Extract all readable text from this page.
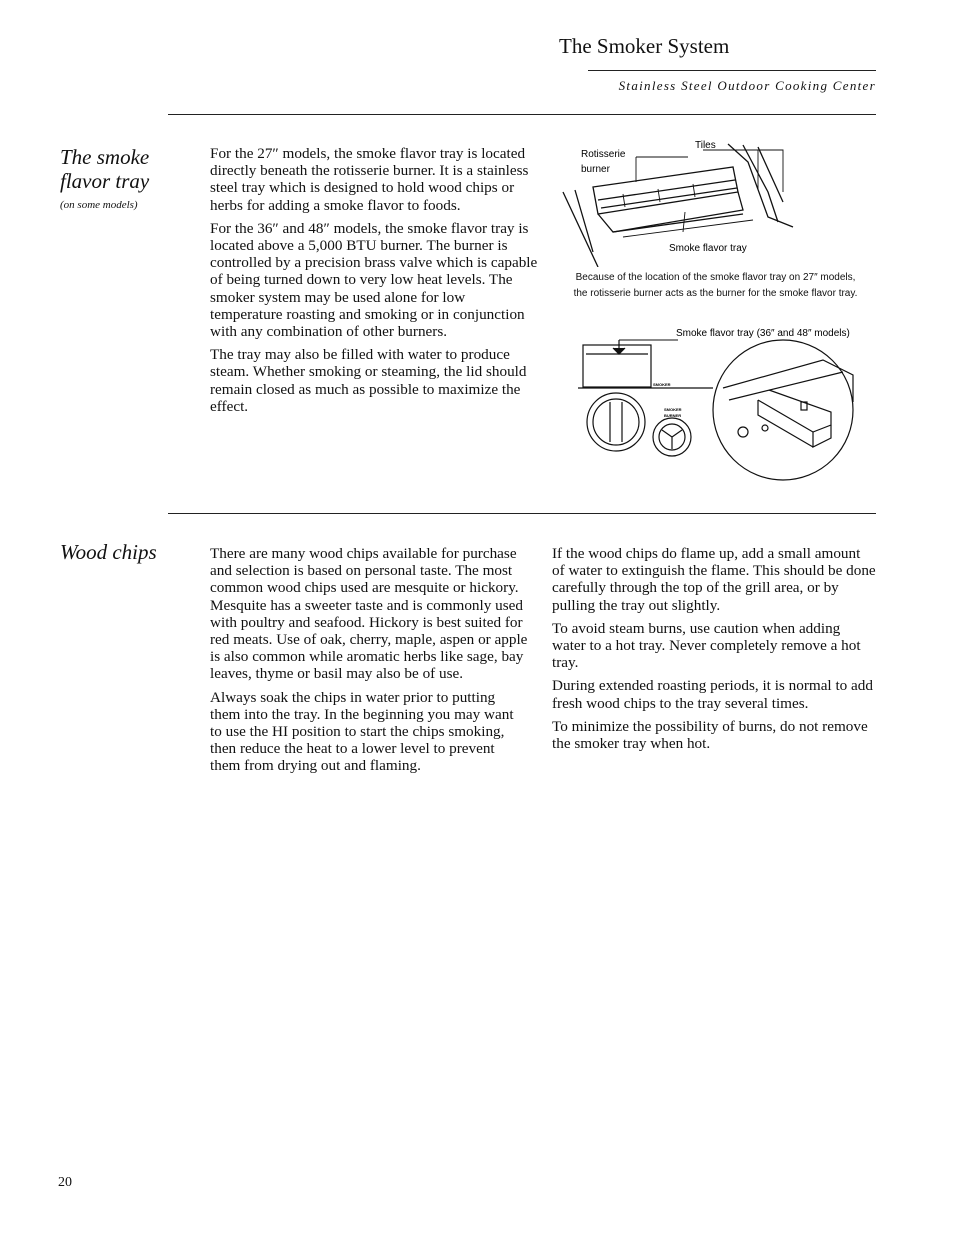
The Smoker System
Stainless Steel Outdoor Cooking Center
The smoke
flavor tray
(on some models)

For the 27″ models, the smoke flavor tray is located directly beneath the rotisserie burner. It is a stainless steel tray which is designed to hold wood chips or herbs for adding a smoke flavor to foods.

For the 36″ and 48″ models, the smoke flavor tray is located above a 5,000 BTU burner. The burner is controlled by a precision brass valve which is capable of being turned down to very low heat levels. The smoker system may be used alone for low temperature roasting and smoking or in conjunction with any combination of other burners.

The tray may also be filled with water to produce steam. Whether smoking or steaming, the lid should remain closed as much as possible to maximize the effect.

Tiles
Rotisserie
burner
Smoke flavor tray
Because of the location of the smoke flavor tray on 27″ models,
the rotisserie burner acts as the burner for the smoke flavor tray.
SMOKER
SMOKER
BURNER
Smoke flavor tray (36″ and 48″ models)
Wood chips	There are many wood chips available for purchase and selection is based on personal taste. The most common wood chips used are mesquite or hickory. Mesquite has a sweeter taste and is commonly used with poultry and seafood. Hickory is best suited for red meats. Use of oak, cherry, maple, aspen or apple is also common while aromatic herbs like sage, bay leaves, thyme or basil may also be of use.

Always soak the chips in water prior to putting them into the tray. In the beginning you may want to use the HI position to start the chips smoking, then reduce the heat to a lower level to prevent them from drying out and flaming.

If the wood chips do flame up, add a small amount of water to extinguish the flame. This should be done carefully through the top of the grill area, or by pulling the tray out slightly.

To avoid steam burns, use caution when adding water to a hot tray. Never completely remove a hot tray.

During extended roasting periods, it is normal to add fresh wood chips to the tray several times.

To minimize the possibility of burns, do not remove the smoker tray when hot.

20
